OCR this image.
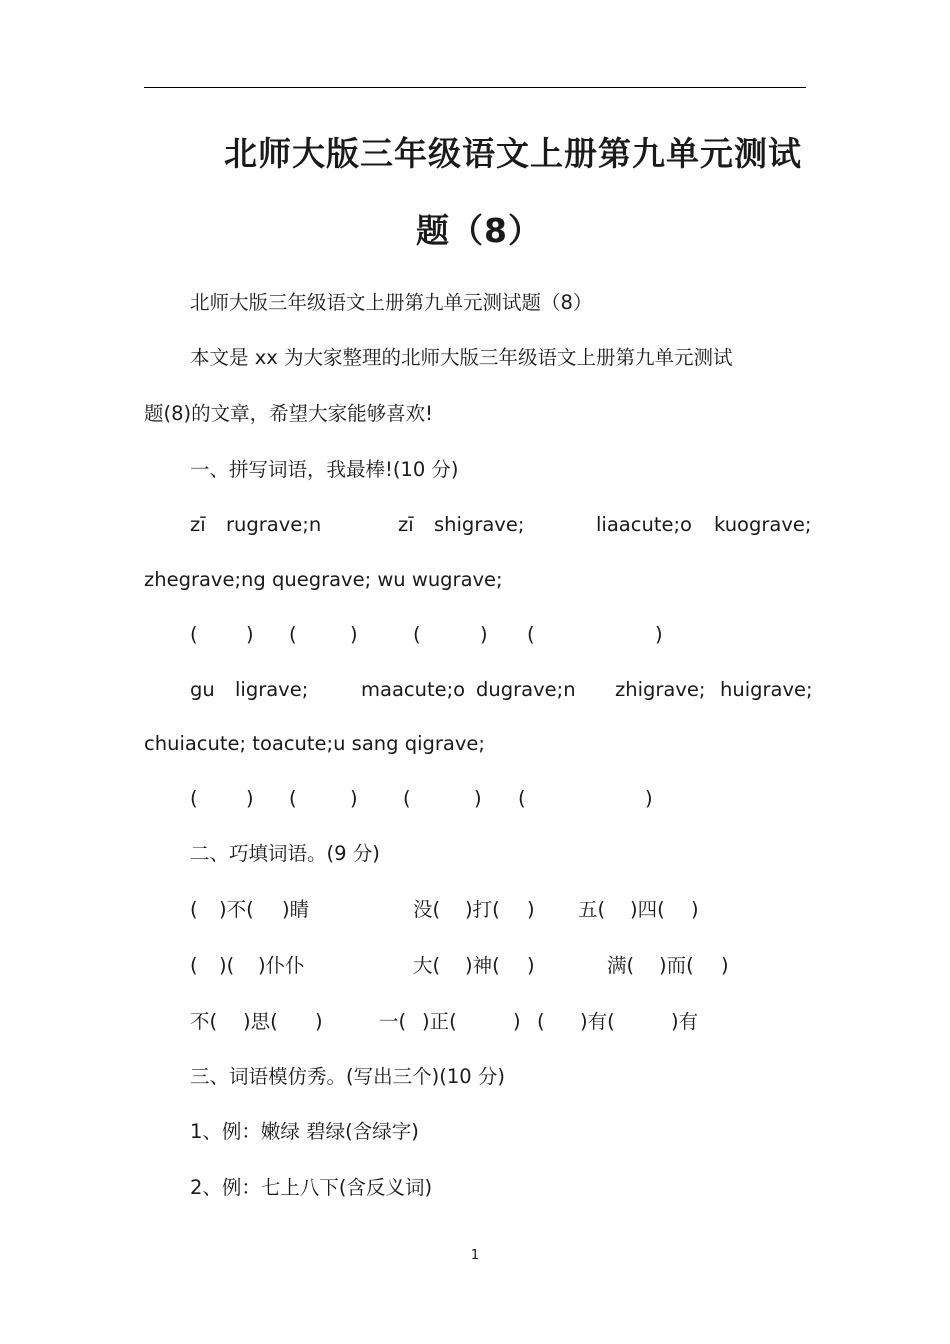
北师大版三年级语文上册第九单元测试
题（8）
北师大版三年级语文上册第九单元测试题（8）
本文是 xx 为大家整理的北师大版三年级语文上册第九单元测试
题(8)的文章，希望大家能够喜欢!
一、拼写词语，我最棒!(10 分)
zī rugrave;n	zī shigrave;	liaacute;o kuograve;
zhegrave;ng quegrave; wu wugrave;
( ) (	)	(	) (	)
gu ligrave;	maacute;o dugrave;n zhigrave; huigrave;
chuiacute; toacute;u sang qigrave;
( ) (	) (	) (	)
二、巧填词语。(9 分)
( )不( )睛	没( )打( ) 五( )四( )
( )( )仆仆	大( )神( )	满( )而( )
不( )思( )	一( )正(	) ( )有(	)有
三、词语模仿秀。(写出三个)(10 分)
1、例：嫩绿 碧绿(含绿字)
2、例：七上八下(含反义词)
1
